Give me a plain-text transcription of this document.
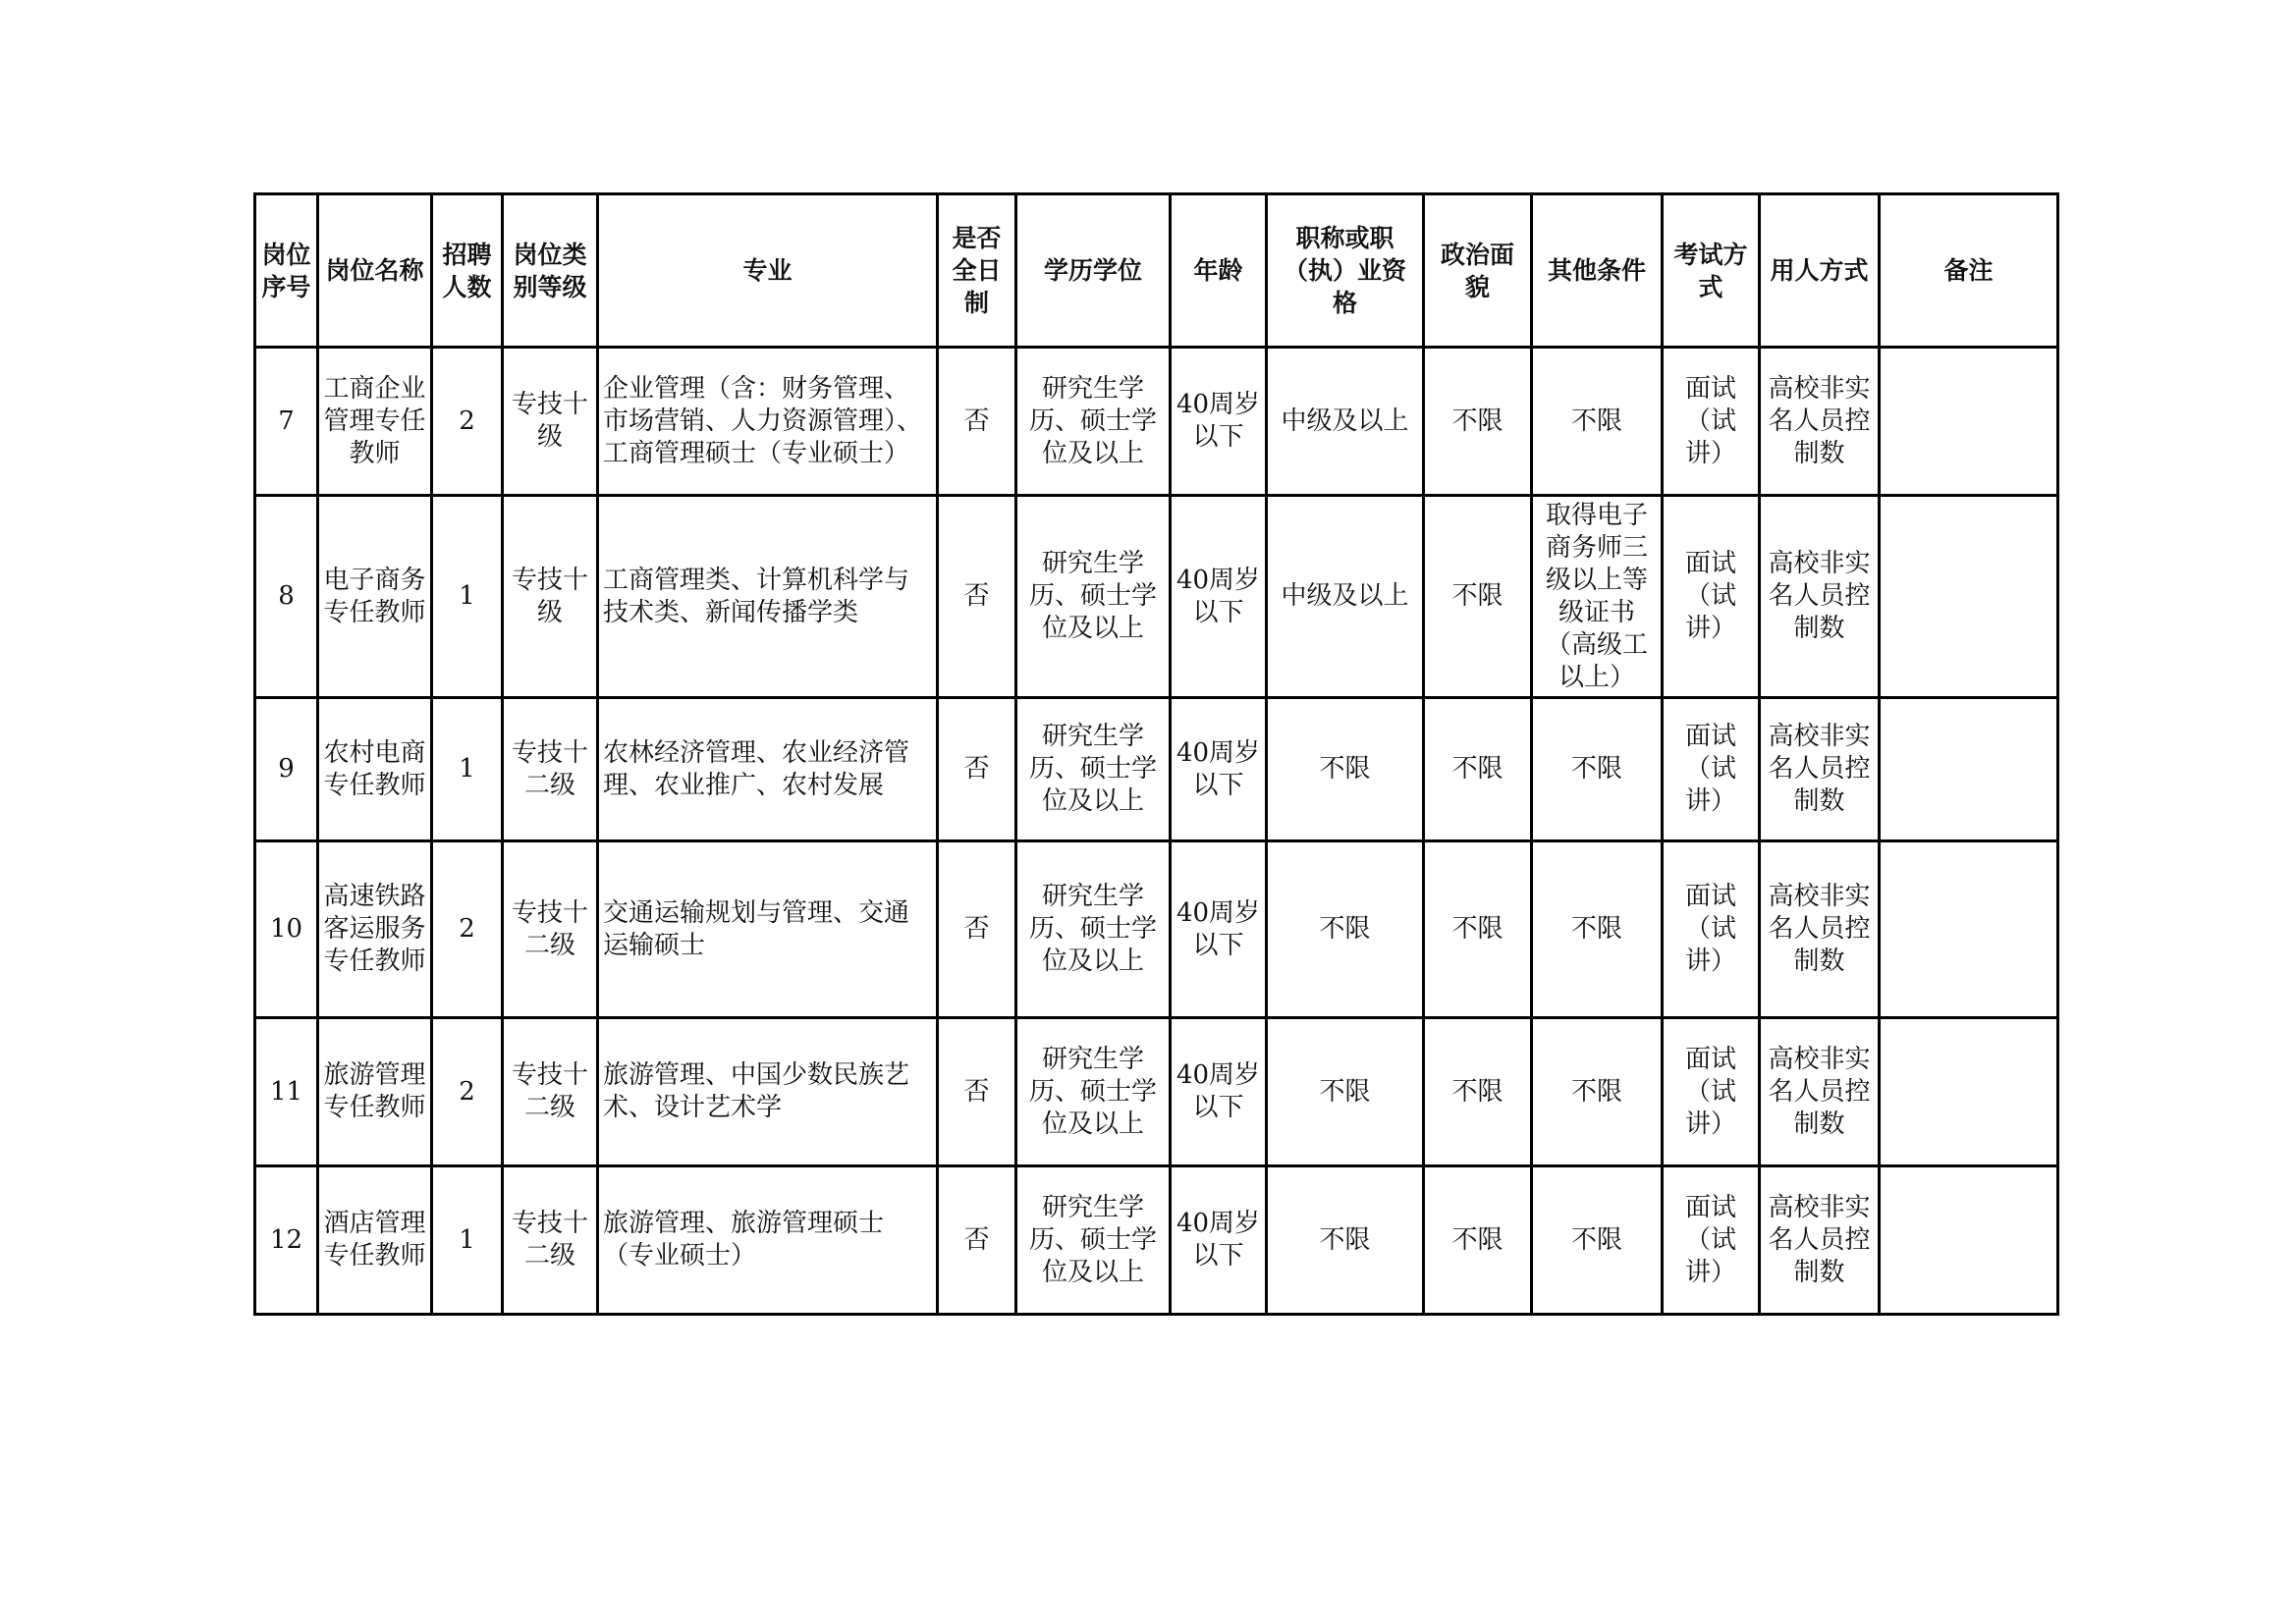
岗位序号	岗位名称	招聘人数	岗位类别等级	专业	是否全日制	学历学位	年龄	职称或职（执）业资格	政治面貌	其他条件	考试方式	用人方式	备注
7	工商企业管理专任教师	2	专技十级	企业管理（含：财务管理、市场营销、人力资源管理）、工商管理硕士（专业硕士）	否	研究生学历、硕士学位及以上	40周岁以下	中级及以上	不限	不限	面试（试讲）	高校非实名人员控制数	
8	电子商务专任教师	1	专技十级	工商管理类、计算机科学与技术类、新闻传播学类	否	研究生学历、硕士学位及以上	40周岁以下	中级及以上	不限	取得电子商务师三级以上等级证书（高级工以上）	面试（试讲）	高校非实名人员控制数	
9	农村电商专任教师	1	专技十二级	农林经济管理、农业经济管理、农业推广、农村发展	否	研究生学历、硕士学位及以上	40周岁以下	不限	不限	不限	面试（试讲）	高校非实名人员控制数	
10	高速铁路客运服务专任教师	2	专技十二级	交通运输规划与管理、交通运输硕士	否	研究生学历、硕士学位及以上	40周岁以下	不限	不限	不限	面试（试讲）	高校非实名人员控制数	
11	旅游管理专任教师	2	专技十二级	旅游管理、中国少数民族艺术、设计艺术学	否	研究生学历、硕士学位及以上	40周岁以下	不限	不限	不限	面试（试讲）	高校非实名人员控制数	
12	酒店管理专任教师	1	专技十二级	旅游管理、旅游管理硕士（专业硕士）	否	研究生学历、硕士学位及以上	40周岁以下	不限	不限	不限	面试（试讲）	高校非实名人员控制数	
